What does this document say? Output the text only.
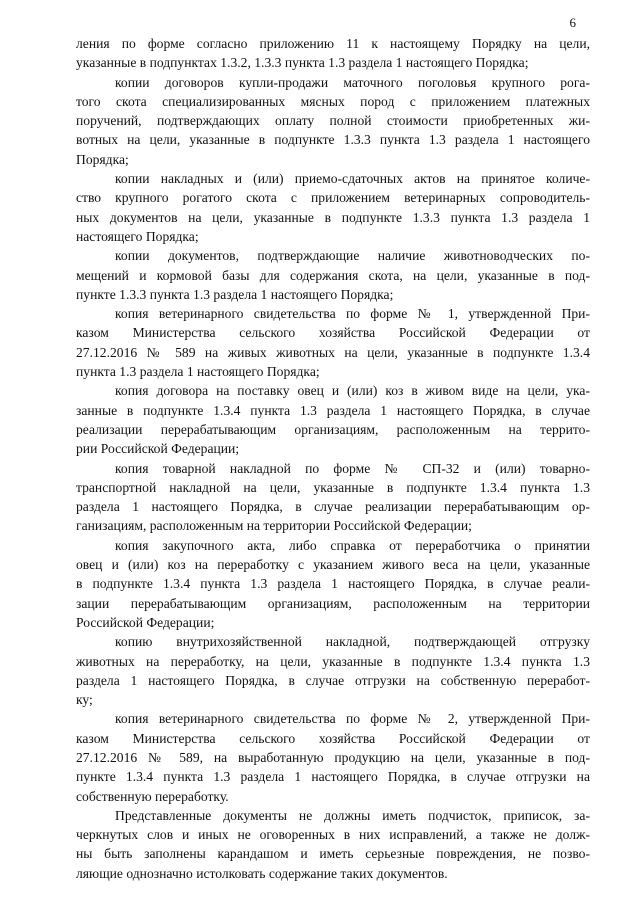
6
ления по форме согласно приложению 11 к настоящему Порядку на цели,
указанные в подпунктах 1.3.2, 1.3.3 пункта 1.3 раздела 1 настоящего Порядка;
копии договоров купли-продажи маточного поголовья крупного рога-
того скота специализированных мясных пород с приложением платежных
поручений, подтверждающих оплату полной стоимости приобретенных жи-
вотных на цели, указанные в подпункте 1.3.3 пункта 1.3 раздела 1 настоящего
Порядка;
копии накладных и (или) приемо-сдаточных актов на принятое количе-
ство крупного рогатого скота с приложением ветеринарных сопроводитель-
ных документов на цели, указанные в подпункте 1.3.3 пункта 1.3 раздела 1
настоящего Порядка;
копии документов, подтверждающие наличие животноводческих по-
мещений и кормовой базы для содержания скота, на цели, указанные в под-
пункте 1.3.3 пункта 1.3 раздела 1 настоящего Порядка;
копия ветеринарного свидетельства по форме № 1, утвержденной При-
казом Министерства сельского хозяйства Российской Федерации от
27.12.2016 № 589 на живых животных на цели, указанные в подпункте 1.3.4
пункта 1.3 раздела 1 настоящего Порядка;
копия договора на поставку овец и (или) коз в живом виде на цели, ука-
занные в подпункте 1.3.4 пункта 1.3 раздела 1 настоящего Порядка, в случае
реализации перерабатывающим организациям, расположенным на террито-
рии Российской Федерации;
копия товарной накладной по форме № СП-32 и (или) товарно-
транспортной накладной на цели, указанные в подпункте 1.3.4 пункта 1.3
раздела 1 настоящего Порядка, в случае реализации перерабатывающим ор-
ганизациям, расположенным на территории Российской Федерации;
копия закупочного акта, либо справка от переработчика о принятии
овец и (или) коз на переработку с указанием живого веса на цели, указанные
в подпункте 1.3.4 пункта 1.3 раздела 1 настоящего Порядка, в случае реали-
зации перерабатывающим организациям, расположенным на территории
Российской Федерации;
копию внутрихозяйственной накладной, подтверждающей отгрузку
животных на переработку, на цели, указанные в подпункте 1.3.4 пункта 1.3
раздела 1 настоящего Порядка, в случае отгрузки на собственную переработ-
ку;
копия ветеринарного свидетельства по форме № 2, утвержденной При-
казом Министерства сельского хозяйства Российской Федерации от
27.12.2016 № 589, на выработанную продукцию на цели, указанные в под-
пункте 1.3.4 пункта 1.3 раздела 1 настоящего Порядка, в случае отгрузки на
собственную переработку.
Представленные документы не должны иметь подчисток, приписок, за-
черкнутых слов и иных не оговоренных в них исправлений, а также не долж-
ны быть заполнены карандашом и иметь серьезные повреждения, не позво-
ляющие однозначно истолковать содержание таких документов.
